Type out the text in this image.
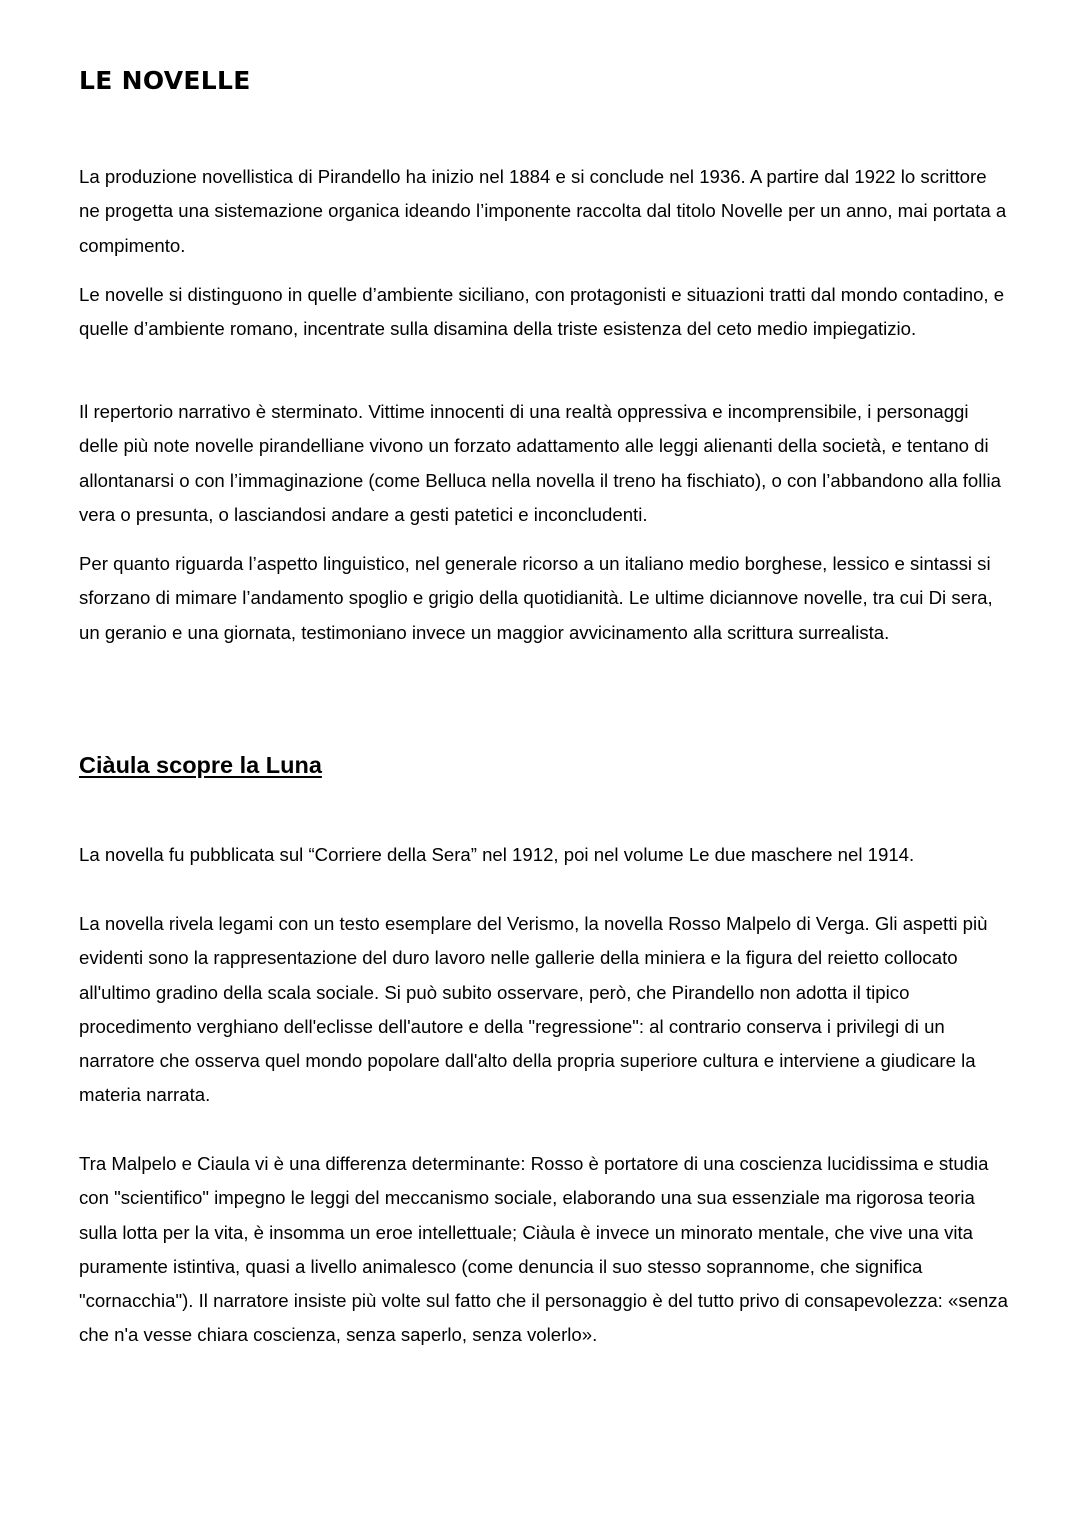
LE NOVELLE

La produzione novellistica di Pirandello ha inizio nel 1884 e si conclude nel 1936. A partire dal 1922 lo scrittore ne progetta una sistemazione organica ideando l’imponente raccolta dal titolo Novelle per un anno, mai portata a compimento.

Le novelle si distinguono in quelle d’ambiente siciliano, con protagonisti e situazioni tratti dal mondo contadino, e quelle d’ambiente romano, incentrate sulla disamina della triste esistenza del ceto medio impiegatizio.

Il repertorio narrativo è sterminato. Vittime innocenti di una realtà oppressiva e incomprensibile, i personaggi delle più note novelle pirandelliane vivono un forzato adattamento alle leggi alienanti della società, e tentano di allontanarsi o con l’immaginazione (come Belluca nella novella il treno ha fischiato), o con l’abbandono alla follia vera o presunta, o lasciandosi andare a gesti patetici e inconcludenti.

Per quanto riguarda l’aspetto linguistico, nel generale ricorso a un italiano medio borghese, lessico e sintassi si sforzano di mimare l’andamento spoglio e grigio della quotidianità. Le ultime diciannove novelle, tra cui Di sera, un geranio e una giornata, testimoniano invece un maggior avvicinamento alla scrittura surrealista.

Ciàula scopre la Luna

La novella fu pubblicata sul “Corriere della Sera” nel 1912, poi nel volume Le due maschere nel 1914.

La novella rivela legami con un testo esemplare del Verismo, la novella Rosso Malpelo di Verga. Gli aspetti più evidenti sono la rappresentazione del duro lavoro nelle gallerie della miniera e la figura del reietto collocato all'ultimo gradino della scala sociale. Si può subito osservare, però, che Pirandello non adotta il tipico procedimento verghiano dell'eclisse dell'autore e della "regressione": al contrario conserva i privilegi di un narratore che osserva quel mondo popolare dall'alto della propria superiore cultura e interviene a giudicare la materia narrata.

Tra Malpelo e Ciaula vi è una differenza determinante: Rosso è portatore di una coscienza lucidissima e studia con "scientifico" impegno le leggi del meccanismo sociale, elaborando una sua essenziale ma rigorosa teoria sulla lotta per la vita, è insomma un eroe intellettuale; Ciàula è invece un minorato mentale, che vive una vita puramente istintiva, quasi a livello animalesco (come denuncia il suo stesso soprannome, che significa "cornacchia"). Il narratore insiste più volte sul fatto che il personaggio è del tutto privo di consapevolezza: «senza che n'a vesse chiara coscienza, senza saperlo, senza volerlo».
